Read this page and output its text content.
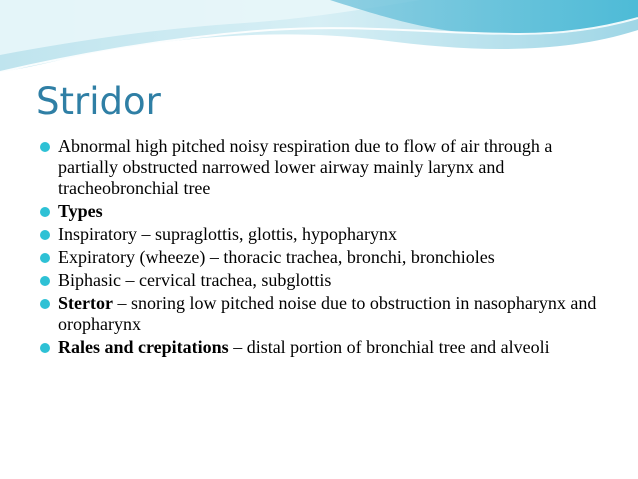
Stridor
Abnormal high pitched noisy respiration due to flow of air through a partially obstructed narrowed lower airway mainly larynx and tracheobronchial tree
Types
Inspiratory – supraglottis, glottis, hypopharynx
Expiratory (wheeze) – thoracic trachea, bronchi, bronchioles
Biphasic – cervical trachea, subglottis
Stertor – snoring low pitched noise due to obstruction in nasopharynx and oropharynx
Rales and crepitations – distal portion of bronchial tree and alveoli
